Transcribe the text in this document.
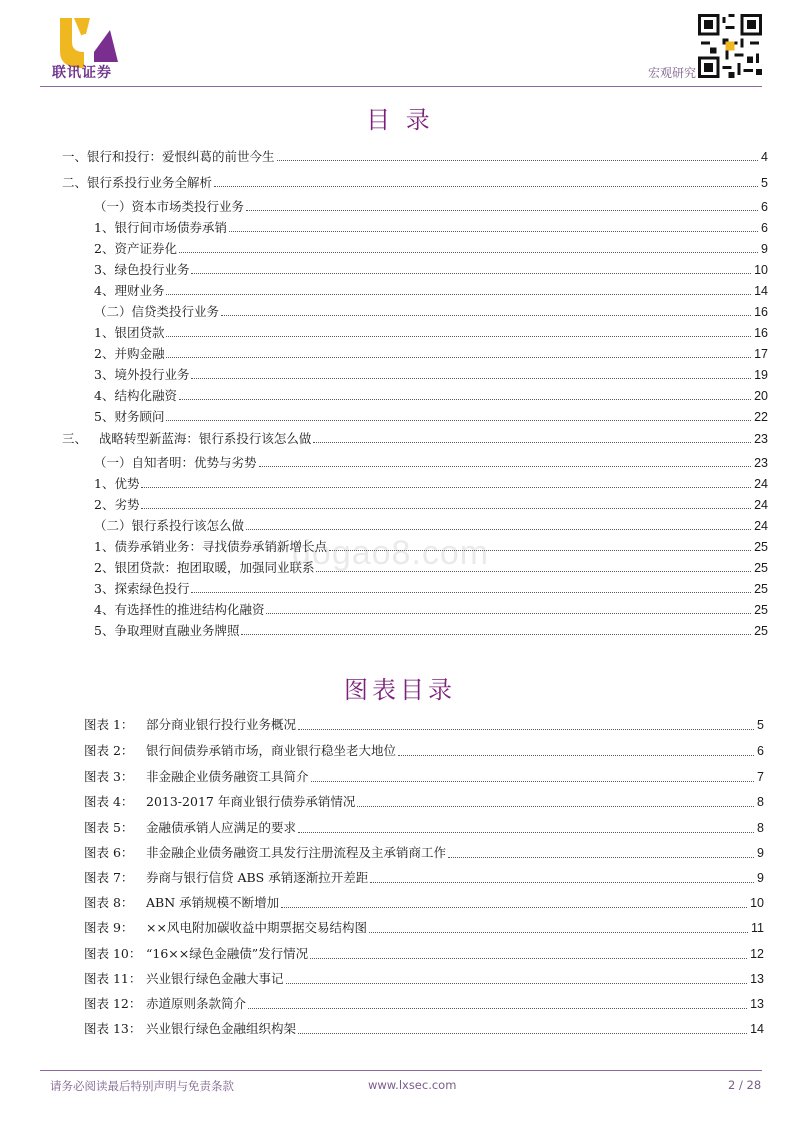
联讯证券	宏观研究
目 录
一、银行和投行：爱恨纠葛的前世今生	4
二、银行系投行业务全解析	5
（一）资本市场类投行业务	6
1、银行间市场债券承销	6
2、资产证券化	9
3、绿色投行业务	10
4、理财业务	14
（二）信贷类投行业务	16
1、银团贷款	16
2、并购金融	17
3、境外投行业务	19
4、结构化融资	20
5、财务顾问	22
三、   战略转型新蓝海：银行系投行该怎么做	23
（一）自知者明：优势与劣势	23
1、优势	24
2、劣势	24
（二）银行系投行该怎么做	24
1、债券承销业务：寻找债券承销新增长点	25
2、银团贷款：抱团取暖，加强同业联系	25
3、探索绿色投行	25
4、有选择性的推进结构化融资	25
5、争取理财直融业务牌照	25
dogao8.com
图表目录
图表 1：	部分商业银行投行业务概况	5
图表 2：	银行间债券承销市场，商业银行稳坐老大地位	6
图表 3：	非金融企业债务融资工具简介	7
图表 4：	2013-2017 年商业银行债券承销情况	8
图表 5：	金融债承销人应满足的要求	8
图表 6：	非金融企业债务融资工具发行注册流程及主承销商工作	9
图表 7：	券商与银行信贷 ABS 承销逐渐拉开差距	9
图表 8：	ABN 承销规模不断增加	10
图表 9：	××风电附加碳收益中期票据交易结构图	11
图表 10： “16××绿色金融债”发行情况	12
图表 11： 兴业银行绿色金融大事记	13
图表 12： 赤道原则条款简介	13
图表 13： 兴业银行绿色金融组织构架	14
请务必阅读最后特别声明与免责条款	www.lxsec.com	2 / 28
